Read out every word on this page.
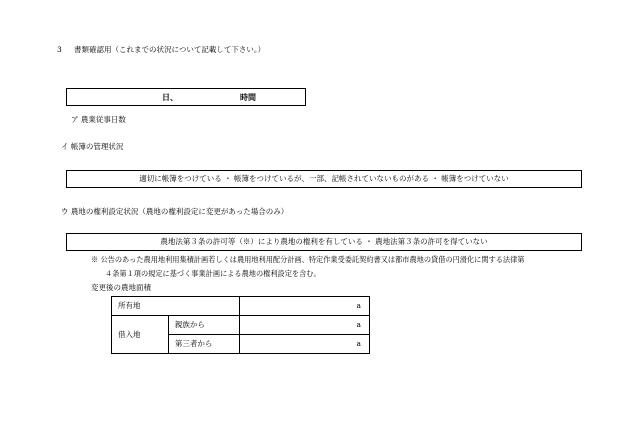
3 書類確認用（これまでの状況について記載して下さい。）
日、	時間
ア 農業従事日数
イ 帳簿の管理状況
適切に帳簿をつけている ・ 帳簿をつけているが、一部、記帳されていないものがある ・ 帳簿をつけていない
ウ 農地の権利設定状況（農地の権利設定に変更があった場合のみ）
農地法第３条の許可等（※）により農地の権利を有している ・ 農地法第３条の許可を得ていない
※ 公告のあった農用地利用集積計画若しくは農用地利用配分計画、特定作業受委託契約書又は都市農地の貸借の円滑化に関する法律第
４条第１項の規定に基づく事業計画による農地の権利設定を含む。
変更後の農地面積
所有地		a
借入地	親族から	a
	第三者から	a
